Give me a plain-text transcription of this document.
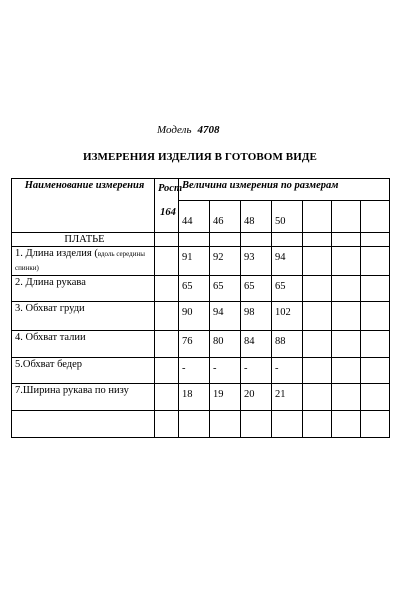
Модель 4708
ИЗМЕРЕНИЯ ИЗДЕЛИЯ В ГОТОВОМ ВИДЕ
Наименование измерения	Рост
164	Величина измерения по размерам						
		44	46	48	50			
ПЛАТЬЕ								
1. Длина изделия (вдоль середины спинки)		91	92	93	94			
2. Длина рукава		65	65	65	65			
3. Обхват груди		90	94	98	102			
4. Обхват талии		76	80	84	88			
5.Обхват бедер		-	-	-	-			
7.Ширина рукава по низу		18	19	20	21			
